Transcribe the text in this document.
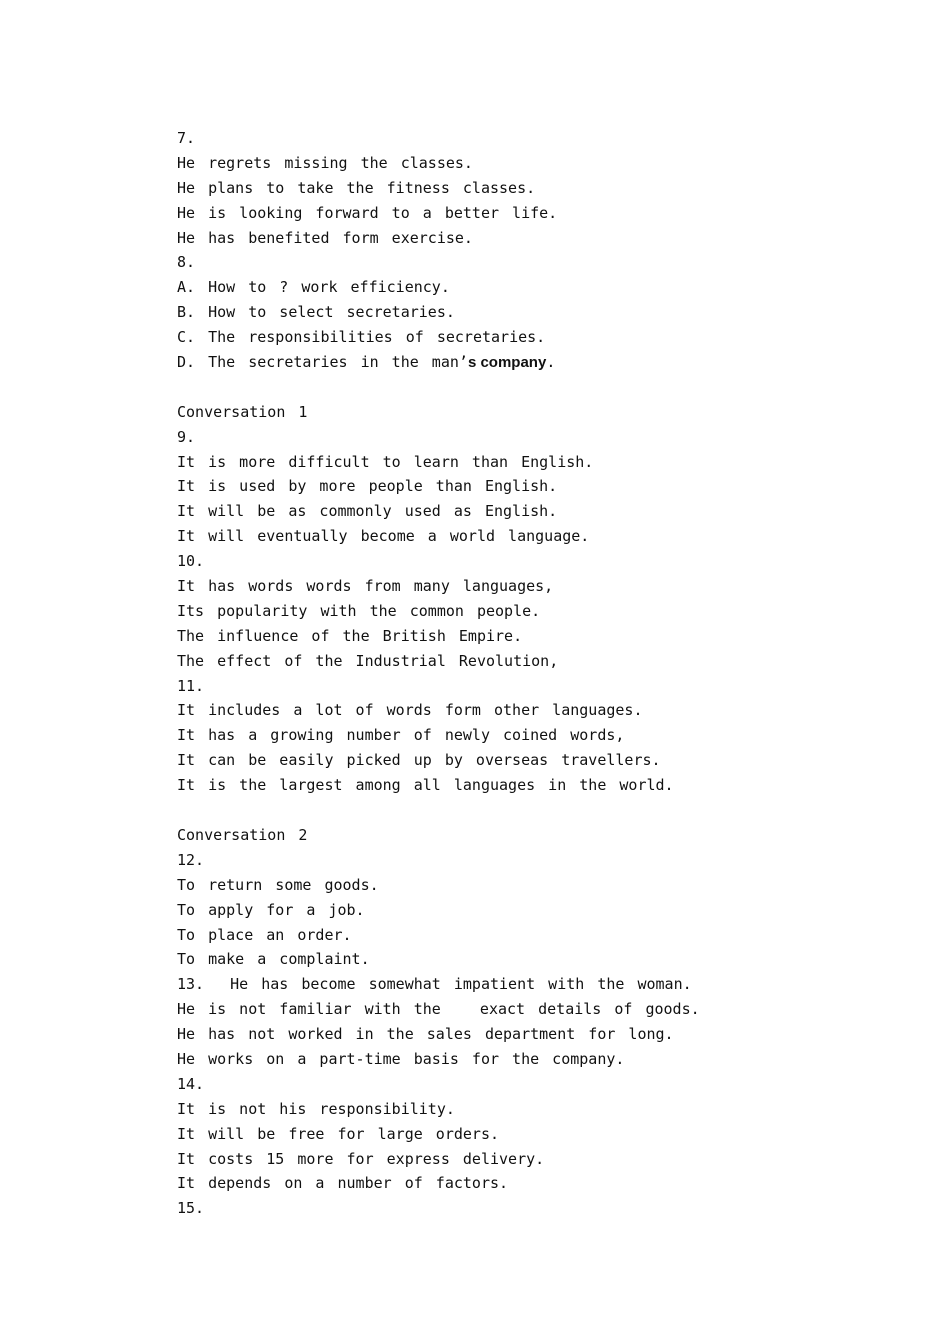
7.
He regrets missing the classes.
He plans to take the fitness classes.
He is looking forward to a better life.
He has benefited form exercise.
8.
A. How to ? work efficiency.
B. How to select secretaries.
C. The responsibilities of secretaries.
D. The secretaries in the man’s company.
Conversation 1
9.
It is more difficult to learn than English.
It is used by more people than English.
It will be as commonly used as English.
It will eventually become a world language.
10.
It has words words from many languages,
Its popularity with the common people.
The influence of the British Empire.
The effect of the Industrial Revolution,
11.
It includes a lot of words form other languages.
It has a growing number of newly coined words,
It can be easily picked up by overseas travellers.
It is the largest among all languages in the world.
Conversation 2
12.
To return some goods.
To apply for a job.
To place an order.
To make a complaint.
13.  He has become somewhat impatient with the woman.
He is not familiar with the   exact details of goods.
He has not worked in the sales department for long.
He works on a part-time basis for the company.
14.
It is not his responsibility.
It will be free for large orders.
It costs 15 more for express delivery.
It depends on a number of factors.
15.
